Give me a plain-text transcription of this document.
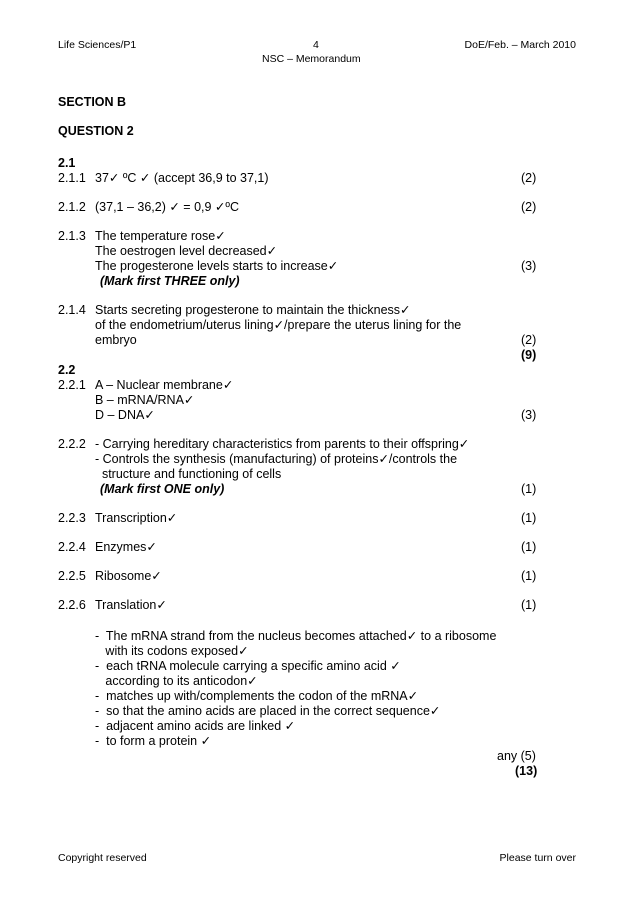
Life Sciences/P1	4	DoE/Feb. – March 2010
NSC – Memorandum
SECTION B
QUESTION 2
2.1
2.1.1 37✓ ºC ✓ (accept 36,9 to 37,1)	(2)
2.1.2 (37,1 – 36,2) ✓ = 0,9 ✓ºC	(2)
2.1.3 The temperature rose✓
The oestrogen level decreased✓
The progesterone levels starts to increase✓	(3)
(Mark first THREE only)
2.1.4 Starts secreting progesterone to maintain the thickness✓
of the endometrium/uterus lining✓/prepare the uterus lining for the
embryo	(2)
(9)
2.2
2.2.1 A – Nuclear membrane✓
B – mRNA/RNA✓
D – DNA✓	(3)
2.2.2 - Carrying hereditary characteristics from parents to their offspring✓
- Controls the synthesis (manufacturing) of proteins✓/controls the
structure and functioning of cells
(Mark first ONE only)	(1)
2.2.3 Transcription✓	(1)
2.2.4 Enzymes✓	(1)
2.2.5 Ribosome✓	(1)
2.2.6 Translation✓	(1)
-  The mRNA strand from the nucleus becomes attached✓ to a ribosome
with its codons exposed✓
-  each tRNA molecule carrying a specific amino acid ✓
according to its anticodon✓
-  matches up with/complements the codon of the mRNA✓
-  so that the amino acids are placed in the correct sequence✓
-  adjacent amino acids are linked ✓
-  to form a protein ✓
any (5)
(13)
Copyright reserved	Please turn over
